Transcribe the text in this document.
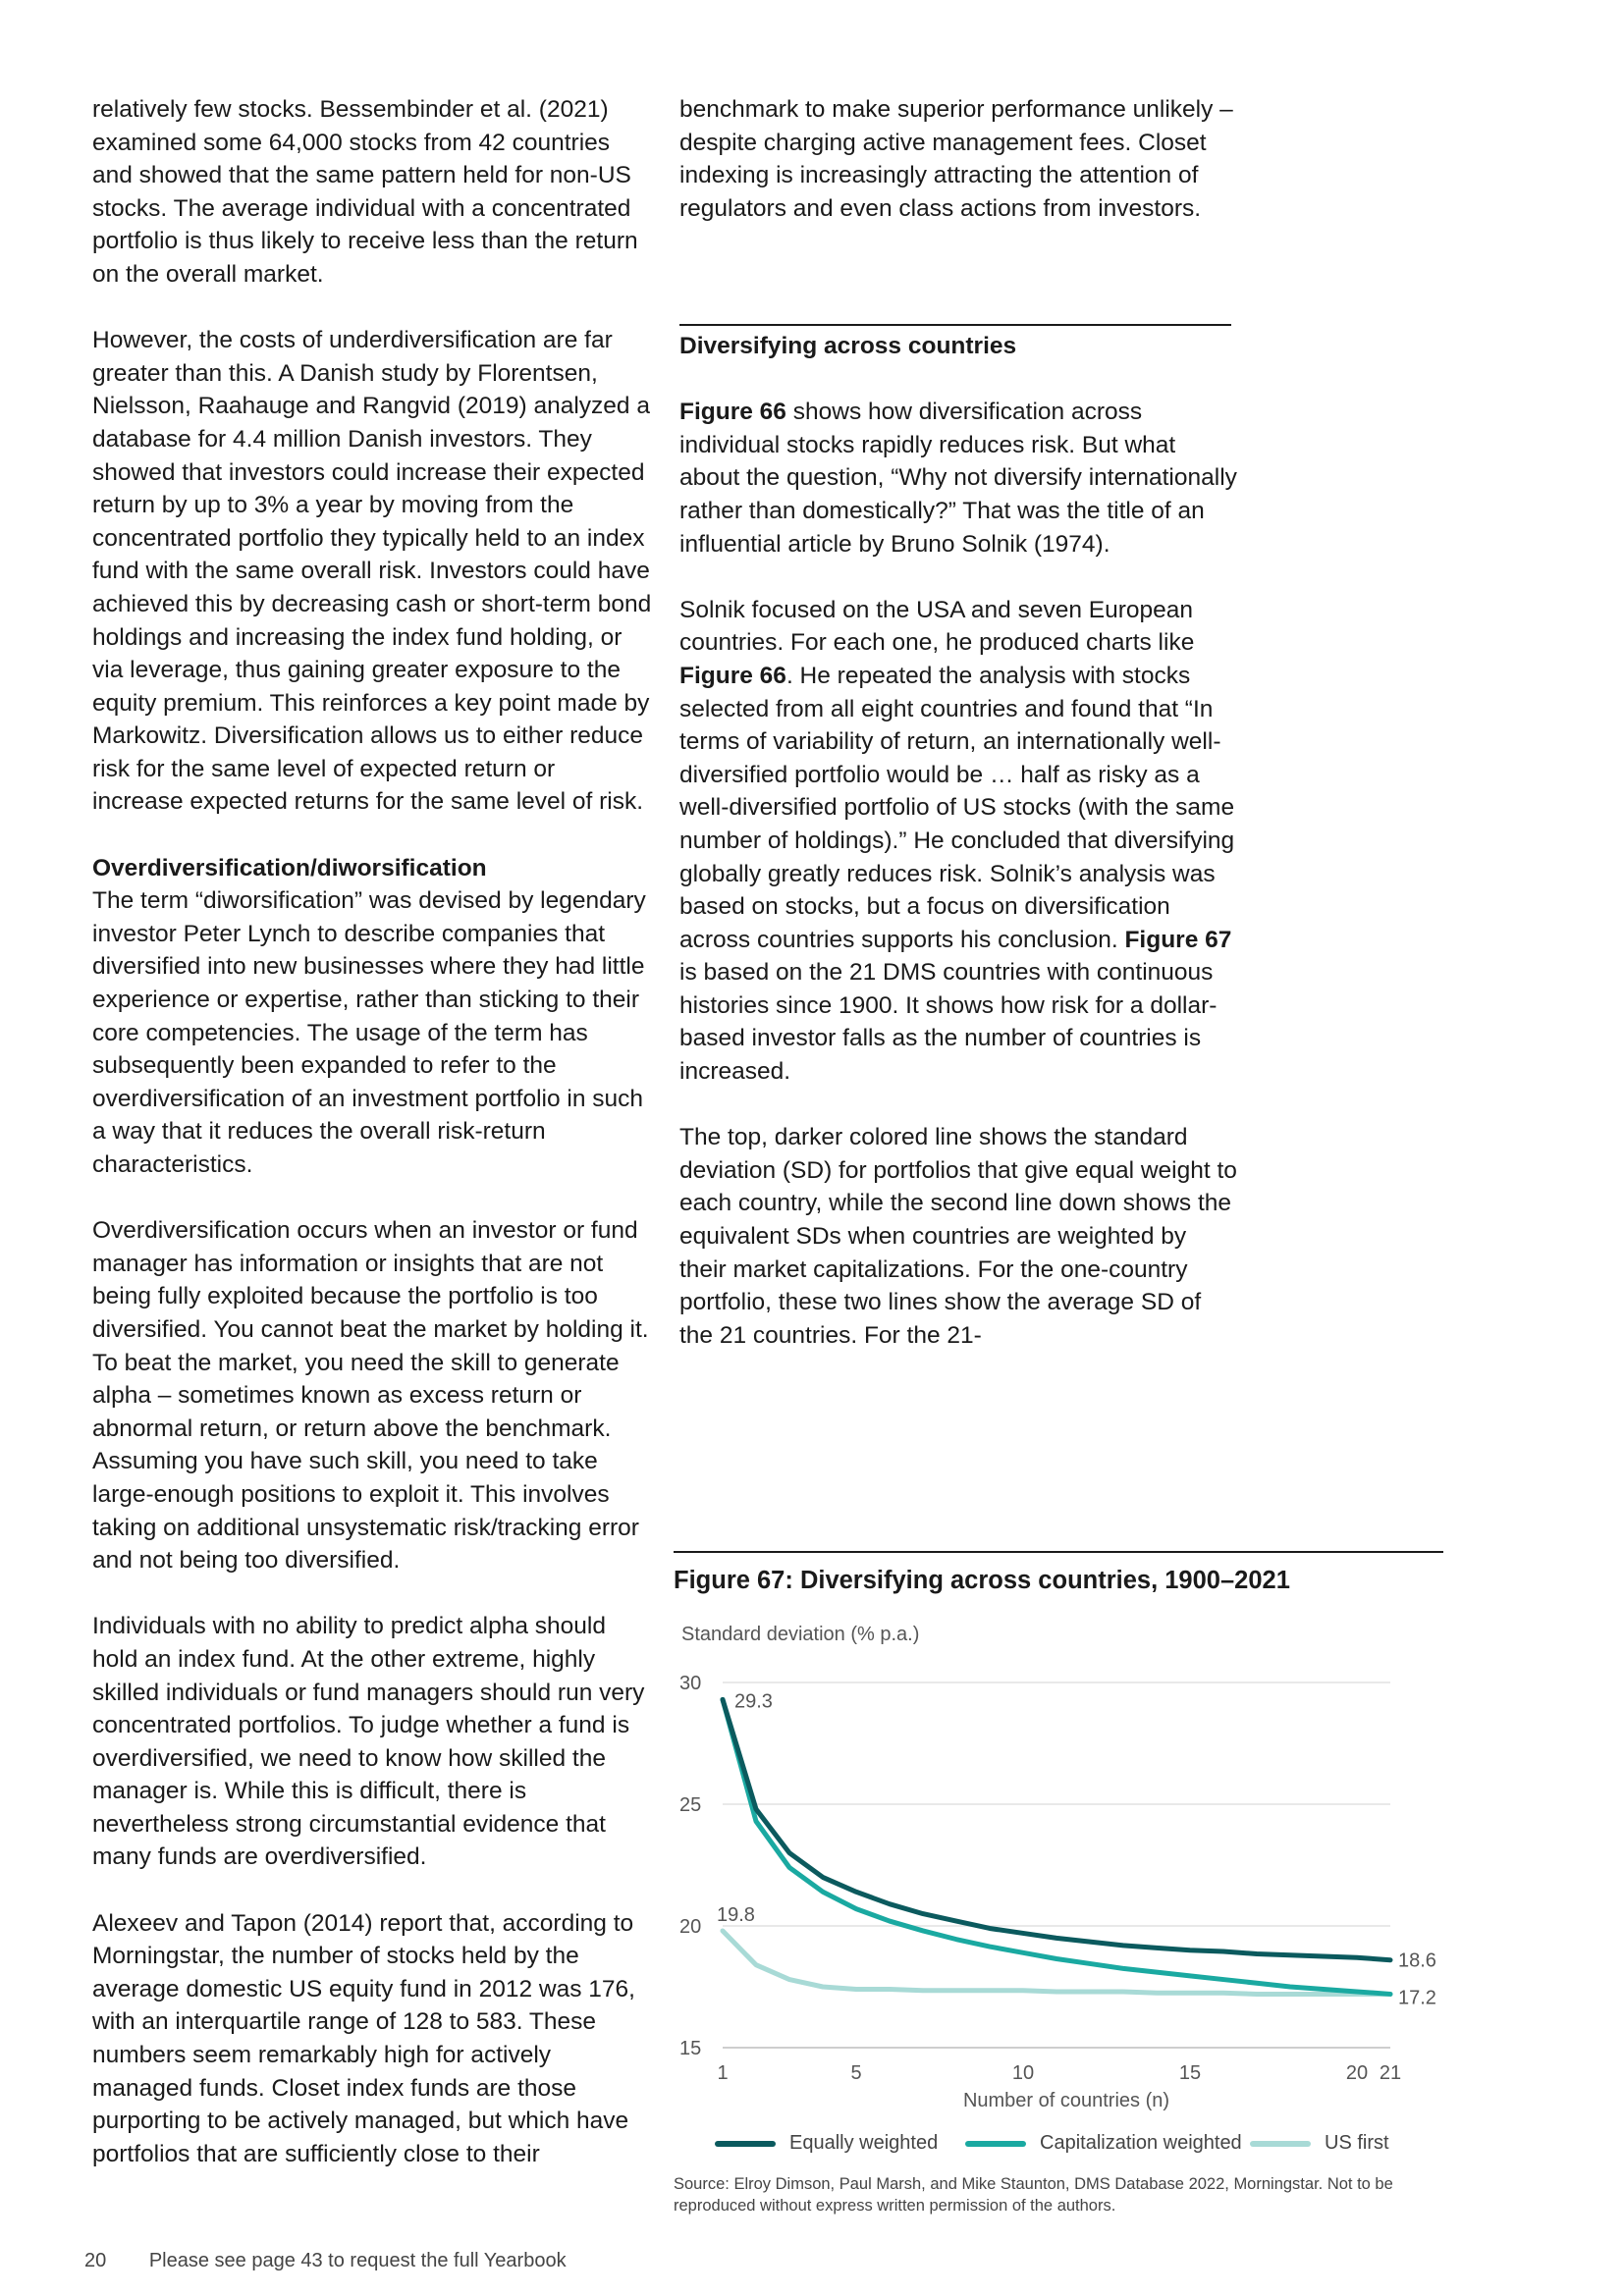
relatively few stocks. Bessembinder et al. (2021) examined some 64,000 stocks from 42 countries and showed that the same pattern held for non-US stocks. The average individual with a concentrated portfolio is thus likely to receive less than the return on the overall market.

However, the costs of underdiversification are far greater than this. A Danish study by Florentsen, Nielsson, Raahauge and Rangvid (2019) analyzed a database for 4.4 million Danish investors. They showed that investors could increase their expected return by up to 3% a year by moving from the concentrated portfolio they typically held to an index fund with the same overall risk. Investors could have achieved this by decreasing cash or short-term bond holdings and increasing the index fund holding, or via leverage, thus gaining greater exposure to the equity premium. This reinforces a key point made by Markowitz. Diversification allows us to either reduce risk for the same level of expected return or increase expected returns for the same level of risk.

Overdiversification/diworsification

The term “diworsification” was devised by legendary investor Peter Lynch to describe companies that diversified into new businesses where they had little experience or expertise, rather than sticking to their core competencies. The usage of the term has subsequently been expanded to refer to the overdiversification of an investment portfolio in such a way that it reduces the overall risk-return characteristics.

Overdiversification occurs when an investor or fund manager has information or insights that are not being fully exploited because the portfolio is too diversified. You cannot beat the market by holding it. To beat the market, you need the skill to generate alpha – sometimes known as excess return or abnormal return, or return above the benchmark. Assuming you have such skill, you need to take large-enough positions to exploit it. This involves taking on additional unsystematic risk/tracking error and not being too diversified.

Individuals with no ability to predict alpha should hold an index fund. At the other extreme, highly skilled individuals or fund managers should run very concentrated portfolios. To judge whether a fund is overdiversified, we need to know how skilled the manager is. While this is difficult, there is nevertheless strong circumstantial evidence that many funds are overdiversified.

Alexeev and Tapon (2014) report that, according to Morningstar, the number of stocks held by the average domestic US equity fund in 2012 was 176, with an interquartile range of 128 to 583. These numbers seem remarkably high for actively managed funds. Closet index funds are those purporting to be actively managed, but which have portfolios that are sufficiently close to their

benchmark to make superior performance unlikely – despite charging active management fees. Closet indexing is increasingly attracting the attention of regulators and even class actions from investors.

Diversifying across countries

Figure 66 shows how diversification across individual stocks rapidly reduces risk. But what about the question, “Why not diversify internationally rather than domestically?” That was the title of an influential article by Bruno Solnik (1974).

Solnik focused on the USA and seven European countries. For each one, he produced charts like Figure 66. He repeated the analysis with stocks selected from all eight countries and found that “In terms of variability of return, an internationally well-diversified portfolio would be … half as risky as a well-diversified portfolio of US stocks (with the same number of holdings).” He concluded that diversifying globally greatly reduces risk. Solnik’s analysis was based on stocks, but a focus on diversification across countries supports his conclusion. Figure 67 is based on the 21 DMS countries with continuous histories since 1900. It shows how risk for a dollar-based investor falls as the number of countries is increased.

The top, darker colored line shows the standard deviation (SD) for portfolios that give equal weight to each country, while the second line down shows the equivalent SDs when countries are weighted by their market capitalizations. For the one-country portfolio, these two lines show the average SD of the 21 countries. For the 21-

Figure 67: Diversifying across countries, 1900–2021
Standard deviation (% p.a.)
15
20
25
30
1	5	10	15	20 21
Number of countries (n)
29.3
19.8
18.6
17.2
Equally weighted	Capitalization weighted	US first
Source: Elroy Dimson, Paul Marsh, and Mike Staunton, DMS Database 2022, Morningstar. Not to be reproduced without express written permission of the authors.
20 Please see page 43 to request the full Yearbook
